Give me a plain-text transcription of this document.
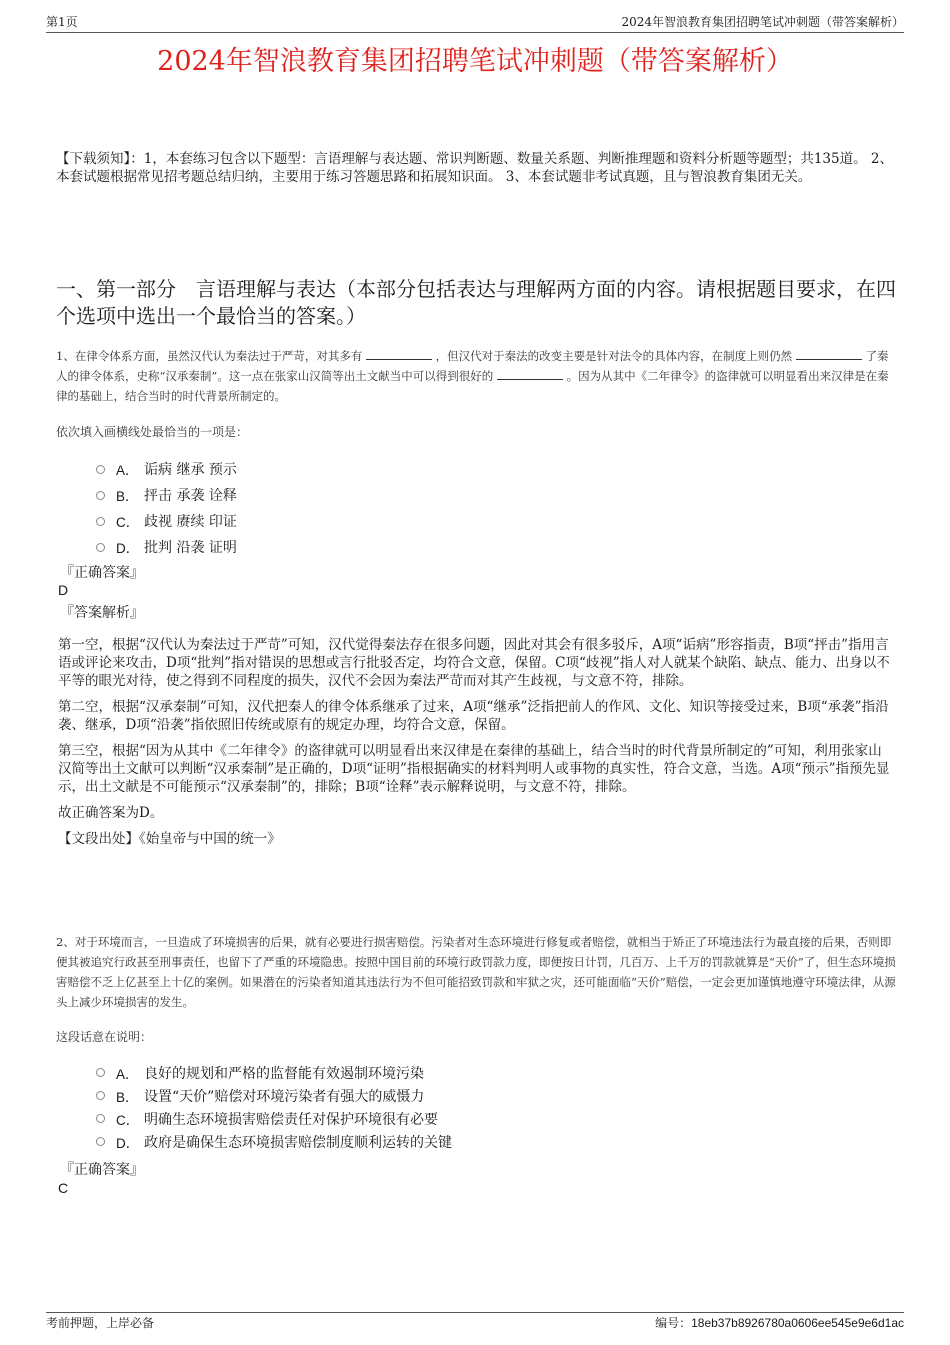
第1页	2024年智浪教育集团招聘笔试冲刺题（带答案解析）
2024年智浪教育集团招聘笔试冲刺题（带答案解析）
【下载须知】：1，本套练习包含以下题型：言语理解与表达题、常识判断题、数量关系题、判断推理题和资料分析题等题型；共135道。 2、本套试题根据常见招考题总结归纳，主要用于练习答题思路和拓展知识面。 3、本套试题非考试真题，且与智浪教育集团无关。
一、第一部分　言语理解与表达（本部分包括表达与理解两方面的内容。请根据题目要求，在四个选项中选出一个最恰当的答案。）
1、在律令体系方面，虽然汉代认为秦法过于严苛，对其多有	，但汉代对于秦法的改变主要是针对法令的具体内容，在制度上则仍然	了秦人的律令体系，史称“汉承秦制”。这一点在张家山汉简等出土文献当中可以得到很好的	。因为从其中《二年律令》的盗律就可以明显看出来汉律是在秦律的基础上，结合当时的时代背景所制定的。
依次填入画横线处最恰当的一项是：
A． 诟病 继承 预示
B． 抨击 承袭 诠释
C． 歧视 赓续 印证
D． 批判 沿袭 证明
『正确答案』
D
『答案解析』

第一空，根据“汉代认为秦法过于严苛”可知，汉代觉得秦法存在很多问题，因此对其会有很多驳斥，A项“诟病”形容指责，B项“抨击”指用言语或评论来攻击，D项“批判”指对错误的思想或言行批驳否定，均符合文意，保留。C项“歧视”指人对人就某个缺陷、缺点、能力、出身以不平等的眼光对待，使之得到不同程度的损失，汉代不会因为秦法严苛而对其产生歧视，与文意不符，排除。

第二空，根据“汉承秦制”可知，汉代把秦人的律令体系继承了过来，A项“继承”泛指把前人的作风、文化、知识等接受过来，B项“承袭”指沿袭、继承，D项“沿袭”指依照旧传统或原有的规定办理，均符合文意，保留。

第三空，根据“因为从其中《二年律令》的盗律就可以明显看出来汉律是在秦律的基础上，结合当时的时代背景所制定的”可知，利用张家山汉简等出土文献可以判断“汉承秦制”是正确的，D项“证明”指根据确实的材料判明人或事物的真实性，符合文意，当选。A项“预示”指预先显示，出土文献是不可能预示“汉承秦制”的，排除；B项“诠释”表示解释说明，与文意不符，排除。

故正确答案为D。

【文段出处】《始皇帝与中国的统一》

2、对于环境而言，一旦造成了环境损害的后果，就有必要进行损害赔偿。污染者对生态环境进行修复或者赔偿，就相当于矫正了环境违法行为最直接的后果，否则即便其被追究行政甚至刑事责任，也留下了严重的环境隐患。按照中国目前的环境行政罚款力度，即便按日计罚，几百万、上千万的罚款就算是“天价”了，但生态环境损害赔偿不乏上亿甚至上十亿的案例。如果潜在的污染者知道其违法行为不但可能招致罚款和牢狱之灾，还可能面临“天价”赔偿，一定会更加谨慎地遵守环境法律，从源头上减少环境损害的发生。
这段话意在说明：
A． 良好的规划和严格的监督能有效遏制环境污染
B． 设置“天价”赔偿对环境污染者有强大的威慑力
C． 明确生态环境损害赔偿责任对保护环境很有必要
D． 政府是确保生态环境损害赔偿制度顺利运转的关键
『正确答案』
C
考前押题，上岸必备	编号：18eb37b8926780a0606ee545e9e6d1ac
